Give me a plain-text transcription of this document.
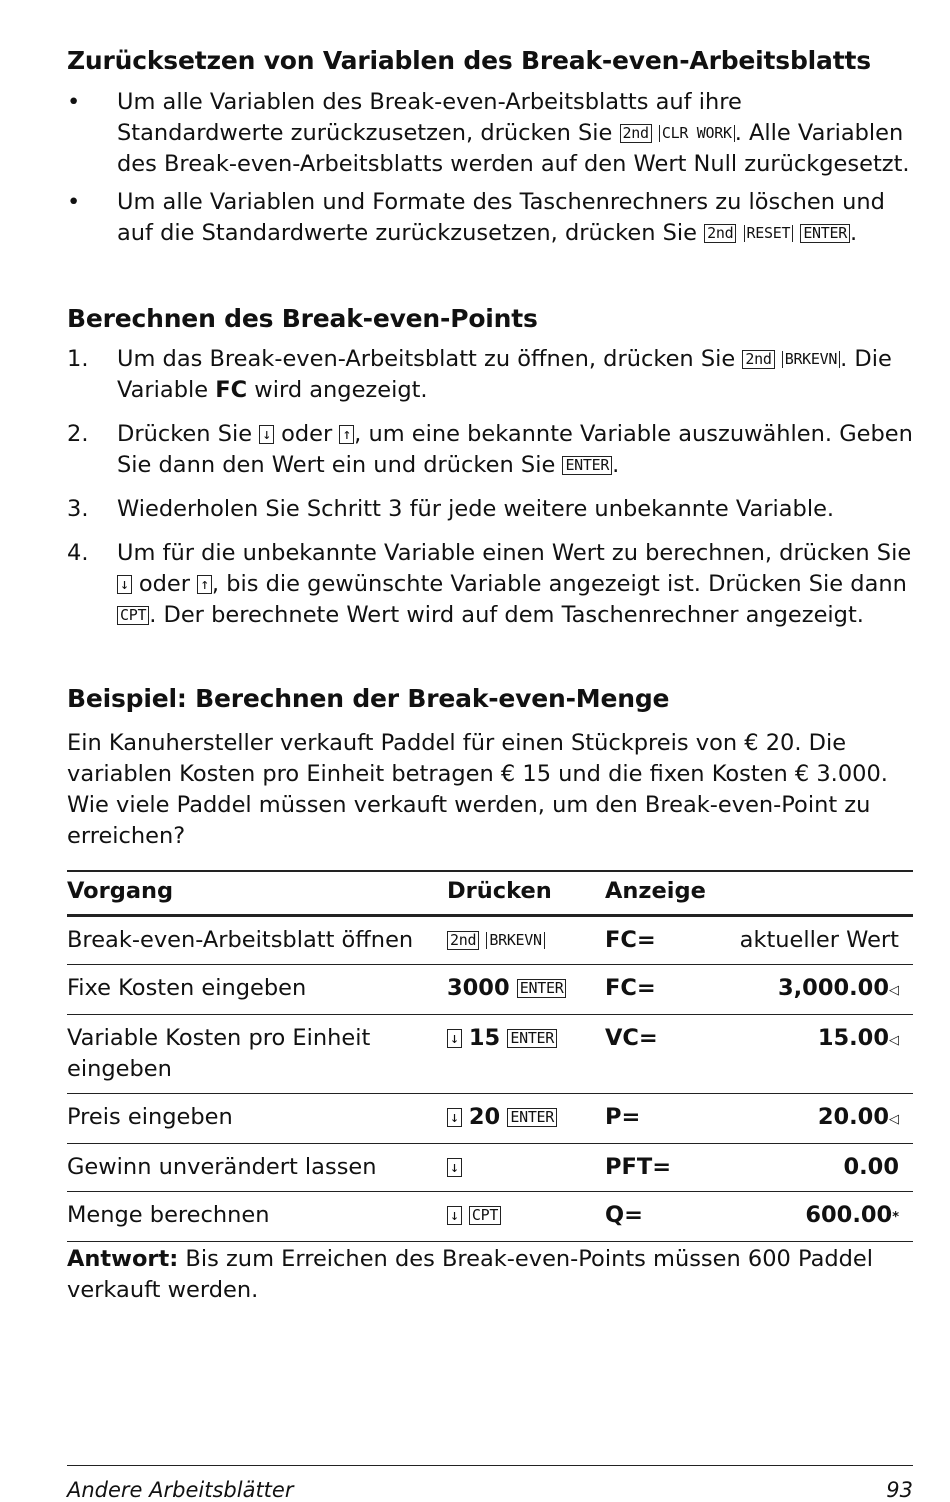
Zurücksetzen von Variablen des Break-even-Arbeitsblatts
•	Um alle Variablen des Break-even-Arbeitsblatts auf ihre Standardwerte zurückzusetzen, drücken Sie 2nd CLR WORK . Alle Variablen des Break-even-Arbeitsblatts werden auf den Wert Null zurückgesetzt.
•	Um alle Variablen und Formate des Taschenrechners zu löschen und auf die Standardwerte zurückzusetzen, drücken Sie 2nd RESET ENTER .
Berechnen des Break-even-Points
1.	Um das Break-even-Arbeitsblatt zu öffnen, drücken Sie 2nd BRKEVN . Die Variable FC wird angezeigt.
2.	Drücken Sie ↓ oder ↑ , um eine bekannte Variable auszuwählen. Geben Sie dann den Wert ein und drücken Sie ENTER .
3.	Wiederholen Sie Schritt 3 für jede weitere unbekannte Variable.
4.	Um für die unbekannte Variable einen Wert zu berechnen, drücken Sie ↓ oder ↑ , bis die gewünschte Variable angezeigt ist. Drücken Sie dann CPT . Der berechnete Wert wird auf dem Taschenrechner angezeigt.
Beispiel: Berechnen der Break-even-Menge

Ein Kanuhersteller verkauft Paddel für einen Stückpreis von € 20. Die variablen Kosten pro Einheit betragen € 15 und die fixen Kosten € 3.000. Wie viele Paddel müssen verkauft werden, um den Break-even-Point zu erreichen?

Vorgang	Drücken	Anzeige	
Break-even-Arbeitsblatt öffnen	2nd BRKEVN	FC=	aktueller Wert
Fixe Kosten eingeben	3000 ENTER	FC=	3,000.00◁
Variable Kosten pro Einheit eingeben	↓ 15 ENTER	VC=	15.00◁
Preis eingeben	↓ 20 ENTER	P=	20.00◁
Gewinn unverändert lassen	↓	PFT=	0.00
Menge berechnen	↓ CPT	Q=	600.00*

Antwort: Bis zum Erreichen des Break-even-Points müssen 600 Paddel verkauft werden.

Andere Arbeitsblätter	93
